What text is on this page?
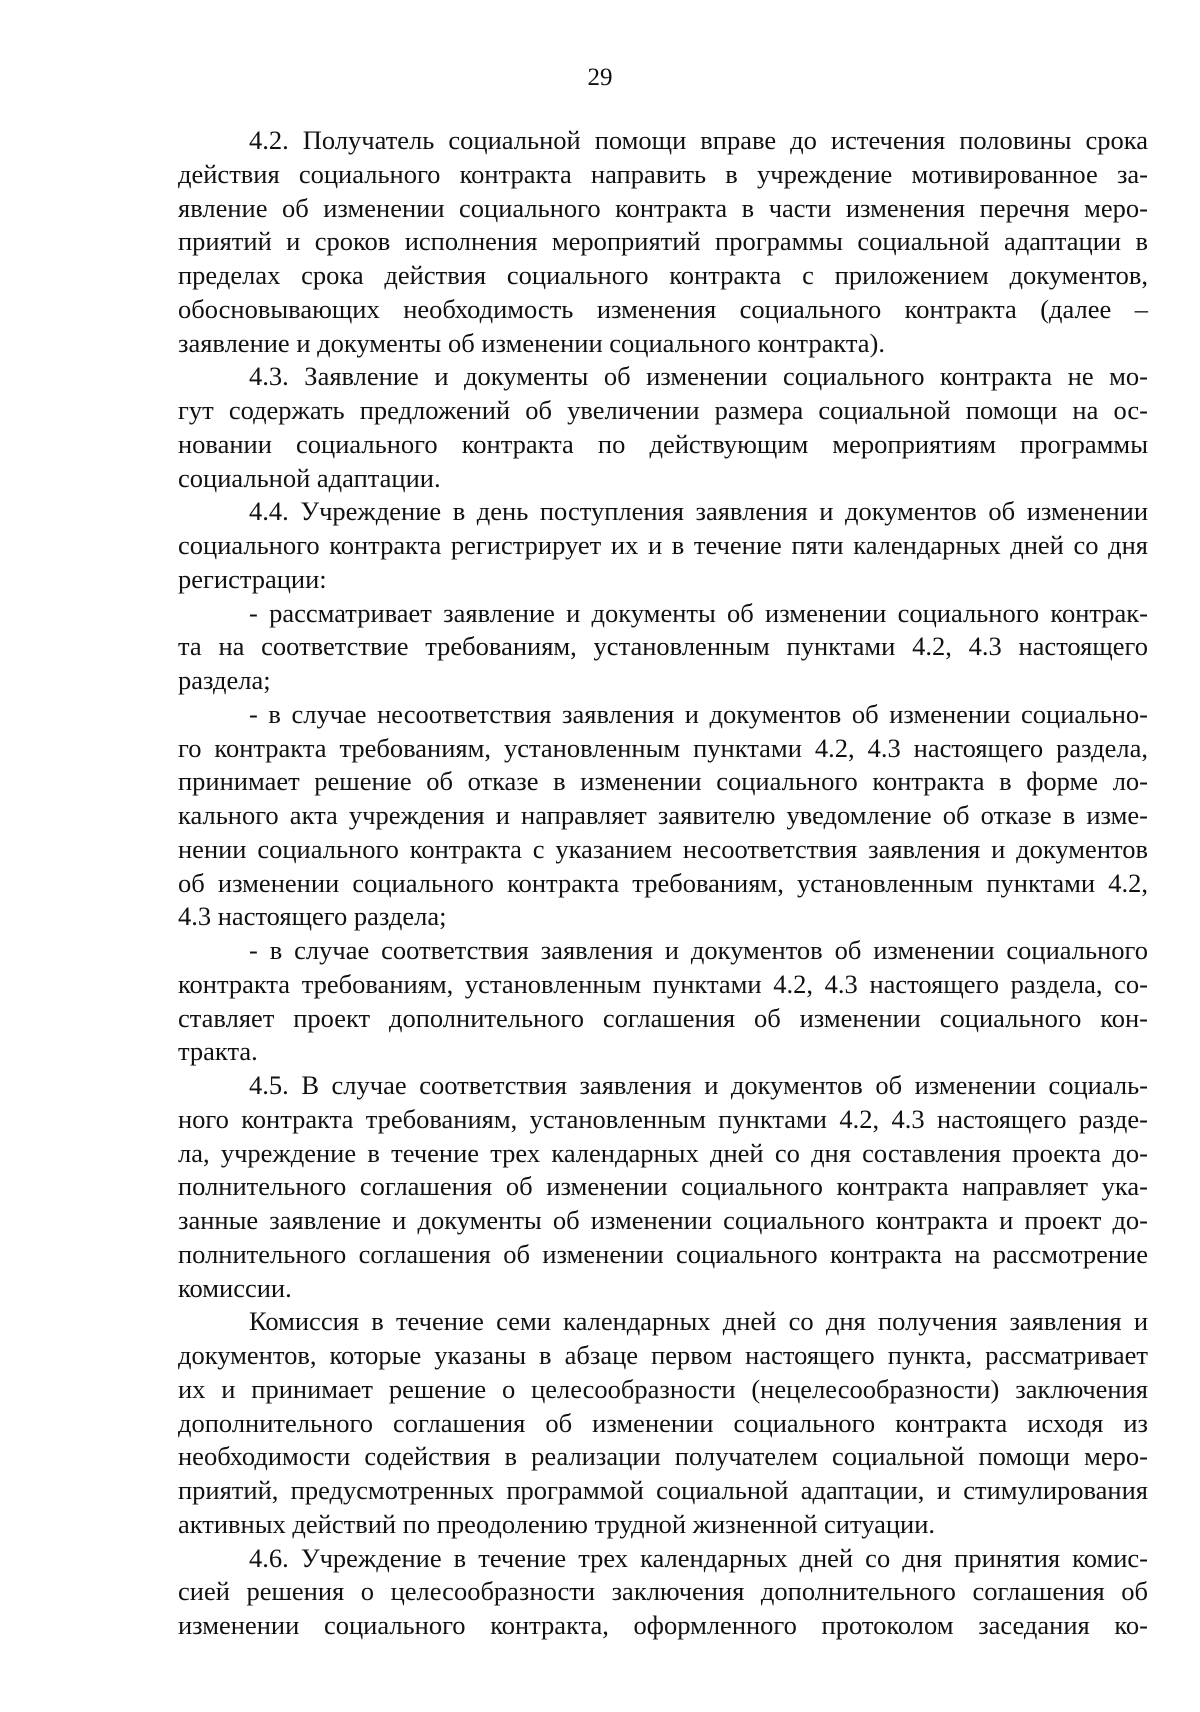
29
4.2. Получатель социальной помощи вправе до истечения половины срока
действия социального контракта направить в учреждение мотивированное за-
явление об изменении социального контракта в части изменения перечня меро-
приятий и сроков исполнения мероприятий программы социальной адаптации в
пределах срока действия социального контракта с приложением документов,
обосновывающих необходимость изменения социального контракта (далее –
заявление и документы об изменении социального контракта).
4.3. Заявление и документы об изменении социального контракта не мо-
гут содержать предложений об увеличении размера социальной помощи на ос-
новании социального контракта по действующим мероприятиям программы
социальной адаптации.
4.4. Учреждение в день поступления заявления и документов об изменении
социального контракта регистрирует их и в течение пяти календарных дней со дня
регистрации:
- рассматривает заявление и документы об изменении социального контрак-
та на соответствие требованиям, установленным пунктами 4.2, 4.3 настоящего
раздела;
- в случае несоответствия заявления и документов об изменении социально-
го контракта требованиям, установленным пунктами 4.2, 4.3 настоящего раздела,
принимает решение об отказе в изменении социального контракта в форме ло-
кального акта учреждения и направляет заявителю уведомление об отказе в изме-
нении социального контракта с указанием несоответствия заявления и документов
об изменении социального контракта требованиям, установленным пунктами 4.2,
4.3 настоящего раздела;
- в случае соответствия заявления и документов об изменении социального
контракта требованиям, установленным пунктами 4.2, 4.3 настоящего раздела, со-
ставляет проект дополнительного соглашения об изменении социального кон-
тракта.
4.5. В случае соответствия заявления и документов об изменении социаль-
ного контракта требованиям, установленным пунктами 4.2, 4.3 настоящего разде-
ла, учреждение в течение трех календарных дней со дня составления проекта до-
полнительного соглашения об изменении социального контракта направляет ука-
занные заявление и документы об изменении социального контракта и проект до-
полнительного соглашения об изменении социального контракта на рассмотрение
комиссии.
Комиссия в течение семи календарных дней со дня получения заявления и
документов, которые указаны в абзаце первом настоящего пункта, рассматривает
их и принимает решение о целесообразности (нецелесообразности) заключения
дополнительного соглашения об изменении социального контракта исходя из
необходимости содействия в реализации получателем социальной помощи меро-
приятий, предусмотренных программой социальной адаптации, и стимулирования
активных действий по преодолению трудной жизненной ситуации.
4.6. Учреждение в течение трех календарных дней со дня принятия комис-
сией решения о целесообразности заключения дополнительного соглашения об
изменении социального контракта, оформленного протоколом заседания ко-
